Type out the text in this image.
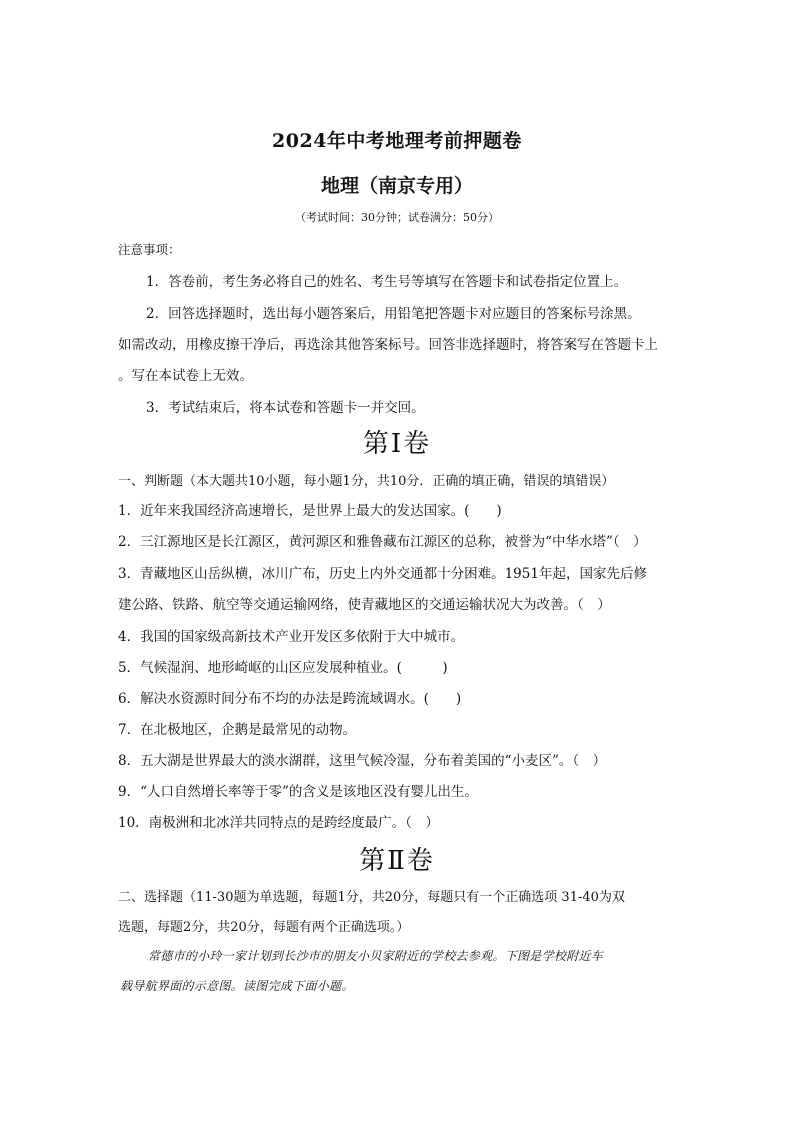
2024年中考地理考前押题卷
地理（南京专用）
（考试时间：30分钟；试卷满分：50分）
注意事项：
1．答卷前，考生务必将自己的姓名、考生号等填写在答题卡和试卷指定位置上。
2．回答选择题时，选出每小题答案后，用铅笔把答题卡对应题目的答案标号涂黑。
如需改动，用橡皮擦干净后，再选涂其他答案标号。回答非选择题时，将答案写在答题卡上
。写在本试卷上无效。
3．考试结束后，将本试卷和答题卡一并交回。
第Ⅰ卷
一、判断题（本大题共10小题，每小题1分，共10分．正确的填正确，错误的填错误）
1．近年来我国经济高速增长，是世界上最大的发达国家。(　　)
2．三江源地区是长江源区，黄河源区和雅鲁藏布江源区的总称，被誉为“中华水塔”（　）
3．青藏地区山岳纵横，冰川广布，历史上内外交通都十分困难。1951年起，国家先后修
建公路、铁路、航空等交通运输网络，使青藏地区的交通运输状况大为改善。（　）
4．我国的国家级高新技术产业开发区多依附于大中城市。
5．气候湿润、地形崎岖的山区应发展种植业。(　　　)
6．解决水资源时间分布不均的办法是跨流域调水。(　　)
7．在北极地区，企鹅是最常见的动物。
8．五大湖是世界最大的淡水湖群，这里气候冷湿，分布着美国的“小麦区”。（　）
9．“人口自然增长率等于零”的含义是该地区没有婴儿出生。
10．南极洲和北冰洋共同特点的是跨经度最广。（　）
第Ⅱ卷
二、选择题（11-30题为单选题，每题1分，共20分，每题只有一个正确选项 31-40为双
选题，每题2分，共20分，每题有两个正确选项。）
常德市的小玲一家计划到长沙市的朋友小贝家附近的学校去参观。下图是学校附近车
载导航界面的示意图。读图完成下面小题。
